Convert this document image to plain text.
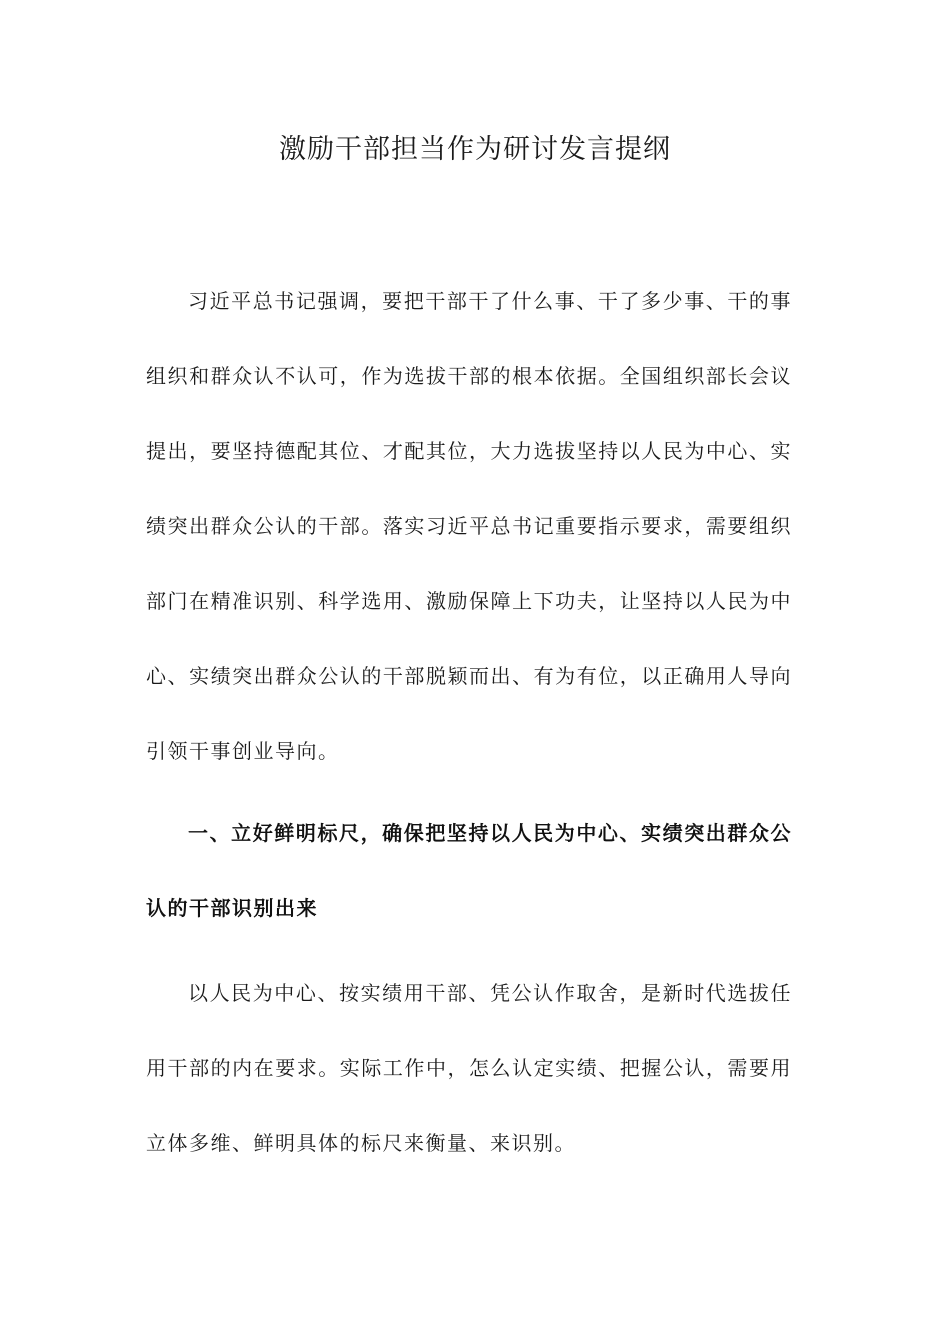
激励干部担当作为研讨发言提纲

习近平总书记强调，要把干部干了什么事、干了多少事、干的事组织和群众认不认可，作为选拔干部的根本依据。全国组织部长会议提出，要坚持德配其位、才配其位，大力选拔坚持以人民为中心、实绩突出群众公认的干部。落实习近平总书记重要指示要求，需要组织部门在精准识别、科学选用、激励保障上下功夫，让坚持以人民为中心、实绩突出群众公认的干部脱颖而出、有为有位，以正确用人导向引领干事创业导向。

一、立好鲜明标尺，确保把坚持以人民为中心、实绩突出群众公认的干部识别出来

以人民为中心、按实绩用干部、凭公认作取舍，是新时代选拔任用干部的内在要求。实际工作中，怎么认定实绩、把握公认，需要用立体多维、鲜明具体的标尺来衡量、来识别。
